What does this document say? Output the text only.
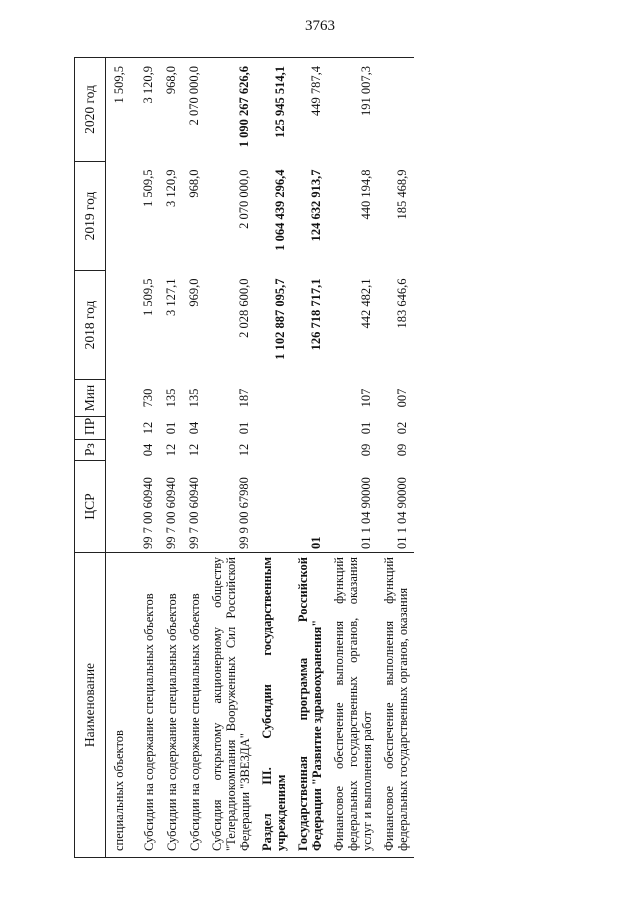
3763
Наименование	ЦСР	Рз	ПР	Мин	2018 год	2019 год	2020 год
специальных объектов							1 509,5
Субсидии на содержание специальных объектов	99 7 00 60940	04	12	730	1 509,5	1 509,5	3 120,9
Субсидии на содержание специальных объектов	99 7 00 60940	12	01	135	3 127,1	3 120,9	968,0
Субсидии на содержание специальных объектов	99 7 00 60940	12	04	135	969,0	968,0	2 070 000,0
Субсидия открытому акционерному обществу "Телерадиокомпания Вооруженных Сил Российской Федерации "ЗВЕЗДА"	99 9 00 67980	12	01	187	2 028 600,0	2 070 000,0	1 090 267 626,6
Раздел III. Субсидии государственным учреждениям					1 102 887 095,7	1 064 439 296,4	125 945 514,1
Государственная программа Российской Федерации "Развитие здравоохранения"	01				126 718 717,1	124 632 913,7	449 787,4
Финансовое обеспечение выполнения функций федеральных государственных органов, оказания услуг и выполнения работ	01 1 04 90000	09	01	107	442 482,1	440 194,8	191 007,3
Финансовое обеспечение выполнения функций федеральных государственных органов, оказания	01 1 04 90000	09	02	007	183 646,6	185 468,9	
